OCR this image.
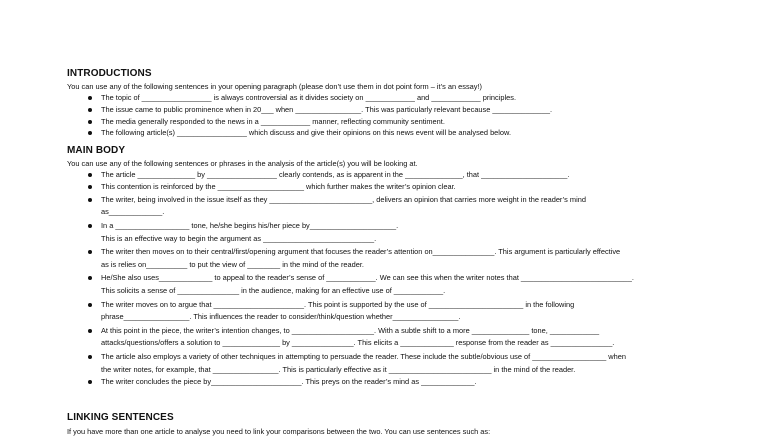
INTRODUCTIONS

You can use any of the following sentences in your opening paragraph (please don’t use them in dot point form – it’s an essay!)

The topic of _________________ is always controversial as it divides society on ____________ and ____________ principles.
The issue came to public prominence when in 20___ when ________________. This was particularly relevant because ______________.
The media generally responded to the news in a ____________ manner, reflecting community sentiment.
The following article(s) _________________ which discuss and give their opinions on this news event will be analysed below.
MAIN BODY

You can use any of the following sentences or phrases in the analysis of the article(s) you will be looking at.

The article ______________ by _________________ clearly contends, as is apparent in the ______________, that _____________________.
This contention is reinforced by the _____________________ which further makes the writer’s opinion clear.
The writer, being involved in the issue itself as they _________________________, delivers an opinion that carries more weight in the reader’s mind
as_____________.
In a __________________ tone, he/she begins his/her piece by_____________________.
This is an effective way to begin the argument as ___________________________.
The writer then moves on to their central/first/opening argument that focuses the reader’s attention on_______________. This argument is particularly effective
as is relies on__________ to put the view of ________ in the mind of the reader.
He/She also uses_____________ to appeal to the reader’s sense of ____________. We can see this when the writer notes that ___________________________.
This solicits a sense of _______________ in the audience, making for an effective use of ____________.
The writer moves on to argue that ______________________. This point is supported by the use of _______________________ in the following
phrase________________. This influences the reader to consider/think/question whether________________.
At this point in the piece, the writer’s intention changes, to ____________________. With a subtle shift to a more ______________ tone, ____________
attacks/questions/offers a solution to ______________ by _______________. This elicits a _____________ response from the reader as _______________.
The article also employs a variety of other techniques in attempting to persuade the reader. These include the subtle/obvious use of __________________ when
the writer notes, for example, that ________________. This is particularly effective as it _________________________ in the mind of the reader.
The writer concludes the piece by______________________. This preys on the reader’s mind as _____________.
LINKING SENTENCES
If you have more than one article to analyse you need to link your comparisons between the two. You can use sentences such as:
